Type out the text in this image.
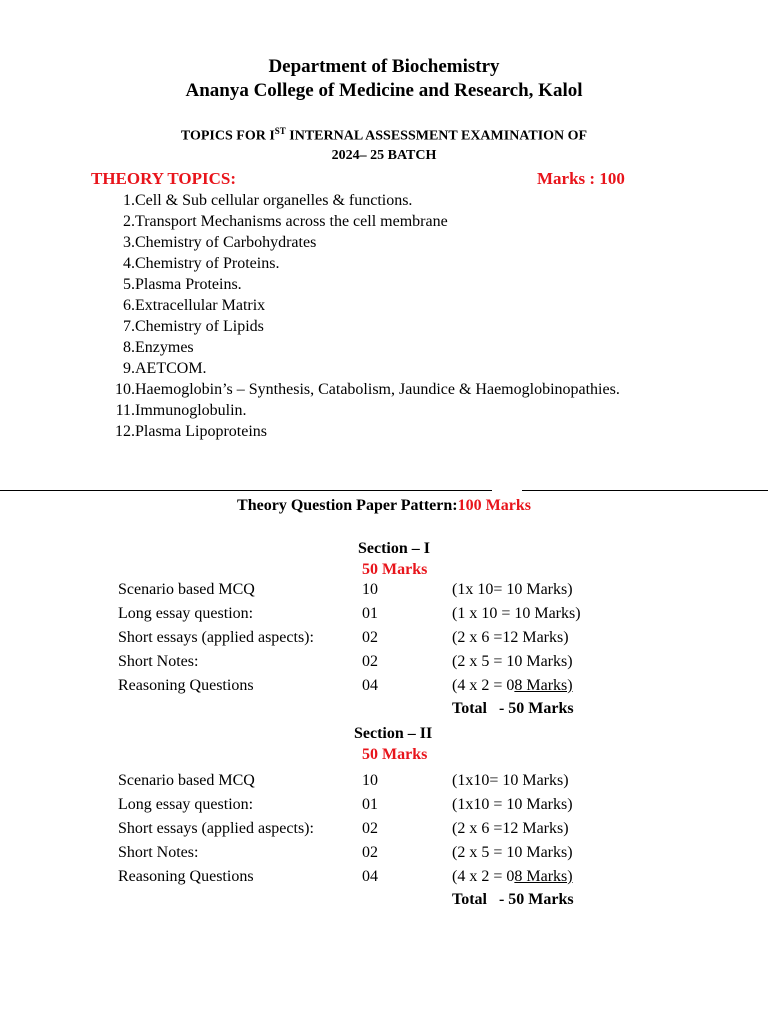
Department of Biochemistry
Ananya College of Medicine and Research, Kalol
TOPICS FOR IST INTERNAL ASSESSMENT EXAMINATION OF
2024– 25 BATCH
THEORY TOPICS:	Marks : 100
1. Cell & Sub cellular organelles & functions.
2. Transport Mechanisms across the cell membrane
3. Chemistry of Carbohydrates
4. Chemistry of Proteins.
5. Plasma Proteins.
6. Extracellular Matrix
7. Chemistry of Lipids
8. Enzymes
9. AETCOM.
10. Haemoglobin’s – Synthesis, Catabolism, Jaundice & Haemoglobinopathies.
11. Immunoglobulin.
12. Plasma Lipoproteins
Theory Question Paper Pattern:100 Marks
Section – I
50 Marks
Scenario based MCQ	10	(1x 10= 10 Marks)
Long essay question:	01	(1 x 10 = 10 Marks)
Short essays (applied aspects):	02	(2 x 6 =12 Marks)
Short Notes:	02	(2 x 5 = 10 Marks)
Reasoning Questions	04	(4 x 2 = 08 Marks)
Total   - 50 Marks
Section – II
50 Marks
Scenario based MCQ	10	(1x10= 10 Marks)
Long essay question:	01	(1x10 = 10 Marks)
Short essays (applied aspects):	02	(2 x 6 =12 Marks)
Short Notes:	02	(2 x 5 = 10 Marks)
Reasoning Questions	04	(4 x 2 = 08 Marks)
Total   - 50 Marks
